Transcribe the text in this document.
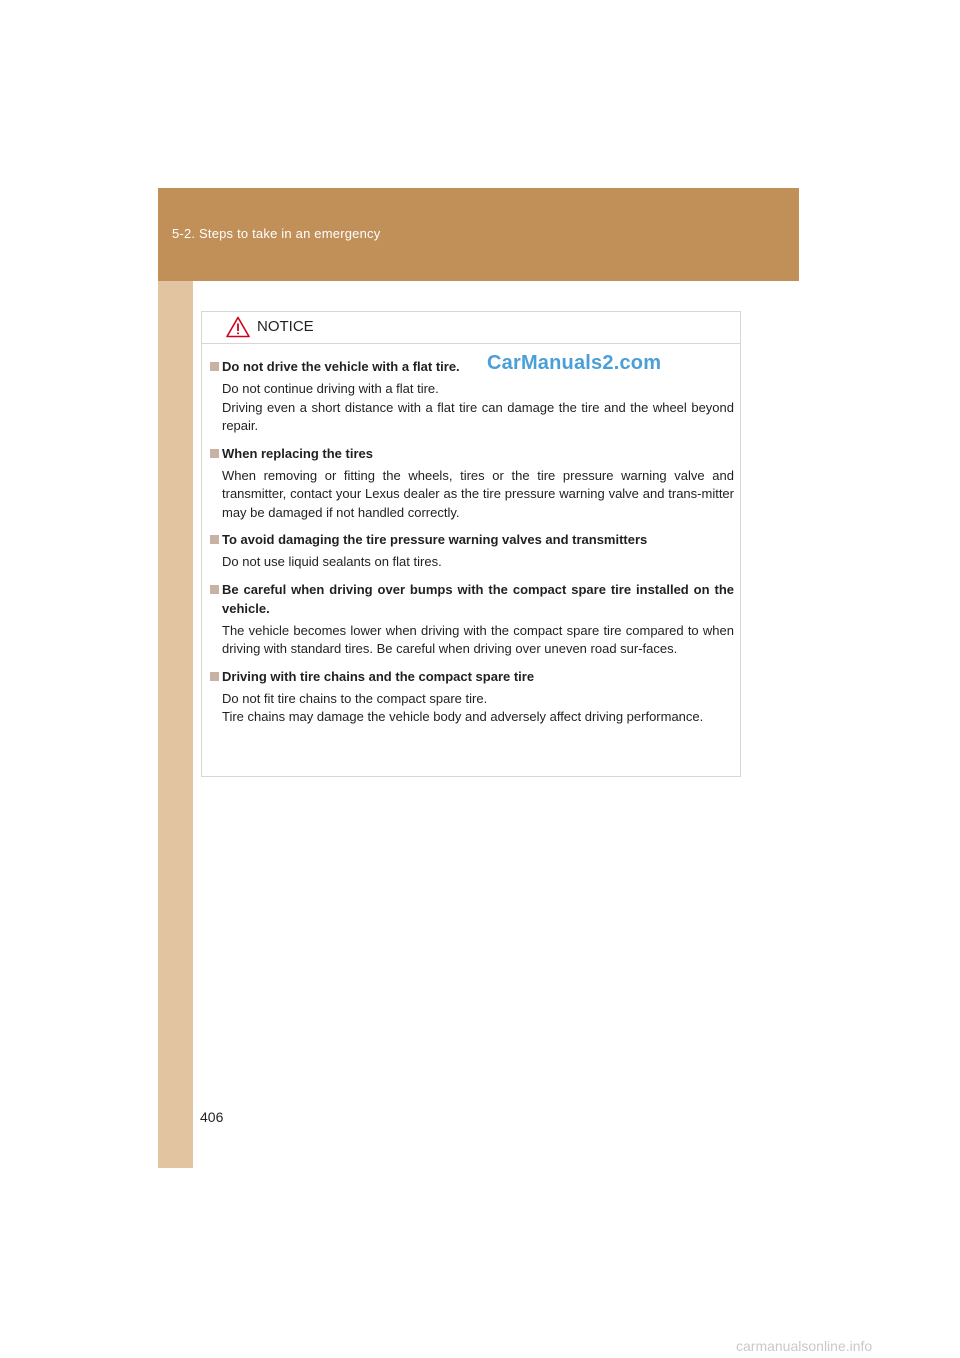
5-2. Steps to take in an emergency
NOTICE
Do not drive the vehicle with a flat tire.

Do not continue driving with a flat tire.

Driving even a short distance with a flat tire can damage the tire and the wheel beyond repair.

When replacing the tires

When removing or fitting the wheels, tires or the tire pressure warning valve and transmitter, contact your Lexus dealer as the tire pressure warning valve and trans-mitter may be damaged if not handled correctly.

To avoid damaging the tire pressure warning valves and transmitters

Do not use liquid sealants on flat tires.

Be careful when driving over bumps with the compact spare tire installed on the vehicle.

The vehicle becomes lower when driving with the compact spare tire compared to when driving with standard tires. Be careful when driving over uneven road sur-faces.

Driving with tire chains and the compact spare tire

Do not fit tire chains to the compact spare tire.

Tire chains may damage the vehicle body and adversely affect driving performance.

CarManuals2.com
406
carmanualsonline.info
